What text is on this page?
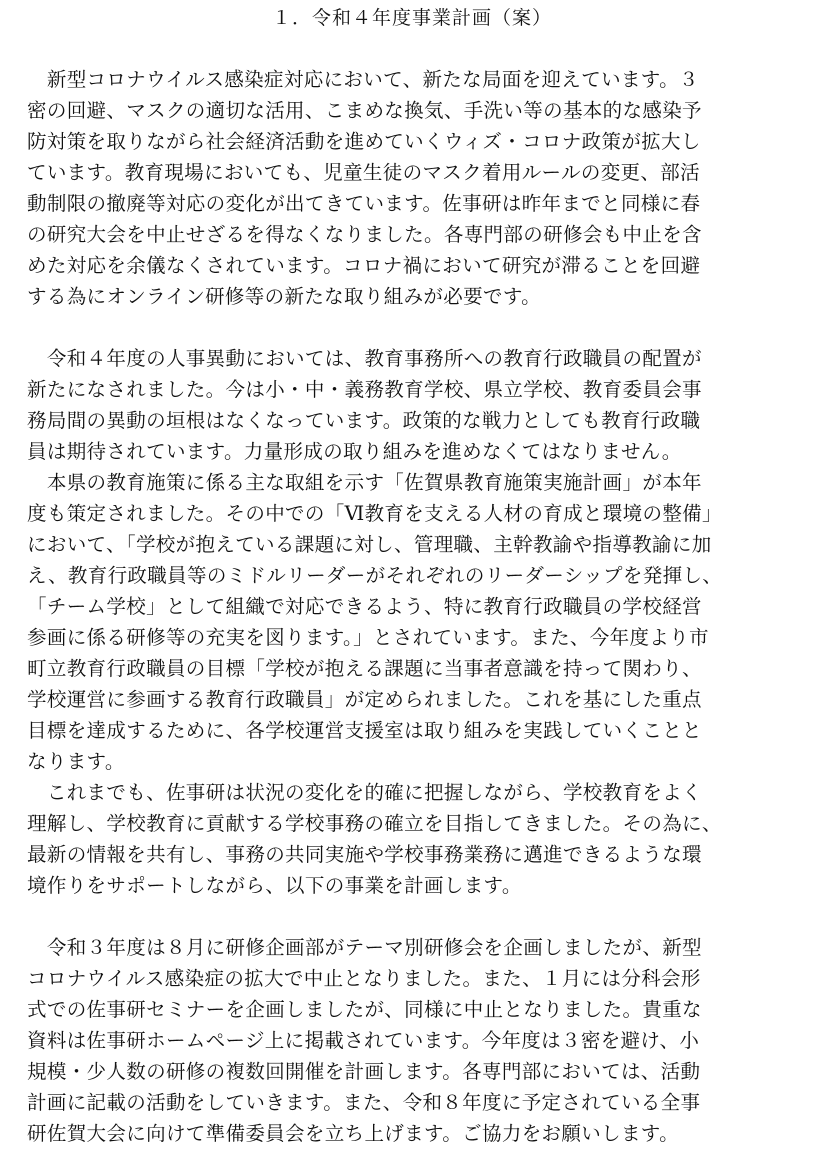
１．令和４年度事業計画（案）
　新型コロナウイルス感染症対応において、新たな局面を迎えています。３
密の回避、マスクの適切な活用、こまめな換気、手洗い等の基本的な感染予
防対策を取りながら社会経済活動を進めていくウィズ・コロナ政策が拡大し
ています。教育現場においても、児童生徒のマスク着用ルールの変更、部活
動制限の撤廃等対応の変化が出てきています。佐事研は昨年までと同様に春
の研究大会を中止せざるを得なくなりました。各専門部の研修会も中止を含
めた対応を余儀なくされています。コロナ禍において研究が滞ることを回避
する為にオンライン研修等の新たな取り組みが必要です。
　令和４年度の人事異動においては、教育事務所への教育行政職員の配置が
新たになされました。今は小・中・義務教育学校、県立学校、教育委員会事
務局間の異動の垣根はなくなっています。政策的な戦力としても教育行政職
員は期待されています。力量形成の取り組みを進めなくてはなりません。
　本県の教育施策に係る主な取組を示す「佐賀県教育施策実施計画」が本年
度も策定されました。その中での「Ⅵ教育を支える人材の育成と環境の整備」
において、「学校が抱えている課題に対し、管理職、主幹教諭や指導教諭に加
え、教育行政職員等のミドルリーダーがそれぞれのリーダーシップを発揮し、
「チーム学校」として組織で対応できるよう、特に教育行政職員の学校経営
参画に係る研修等の充実を図ります。」とされています。また、今年度より市
町立教育行政職員の目標「学校が抱える課題に当事者意識を持って関わり、
学校運営に参画する教育行政職員」が定められました。これを基にした重点
目標を達成するために、各学校運営支援室は取り組みを実践していくことと
なります。
　これまでも、佐事研は状況の変化を的確に把握しながら、学校教育をよく
理解し、学校教育に貢献する学校事務の確立を目指してきました。その為に、
最新の情報を共有し、事務の共同実施や学校事務業務に邁進できるような環
境作りをサポートしながら、以下の事業を計画します。
　令和３年度は８月に研修企画部がテーマ別研修会を企画しましたが、新型
コロナウイルス感染症の拡大で中止となりました。また、１月には分科会形
式での佐事研セミナーを企画しましたが、同様に中止となりました。貴重な
資料は佐事研ホームページ上に掲載されています。今年度は３密を避け、小
規模・少人数の研修の複数回開催を計画します。各専門部においては、活動
計画に記載の活動をしていきます。また、令和８年度に予定されている全事
研佐賀大会に向けて準備委員会を立ち上げます。ご協力をお願いします。
